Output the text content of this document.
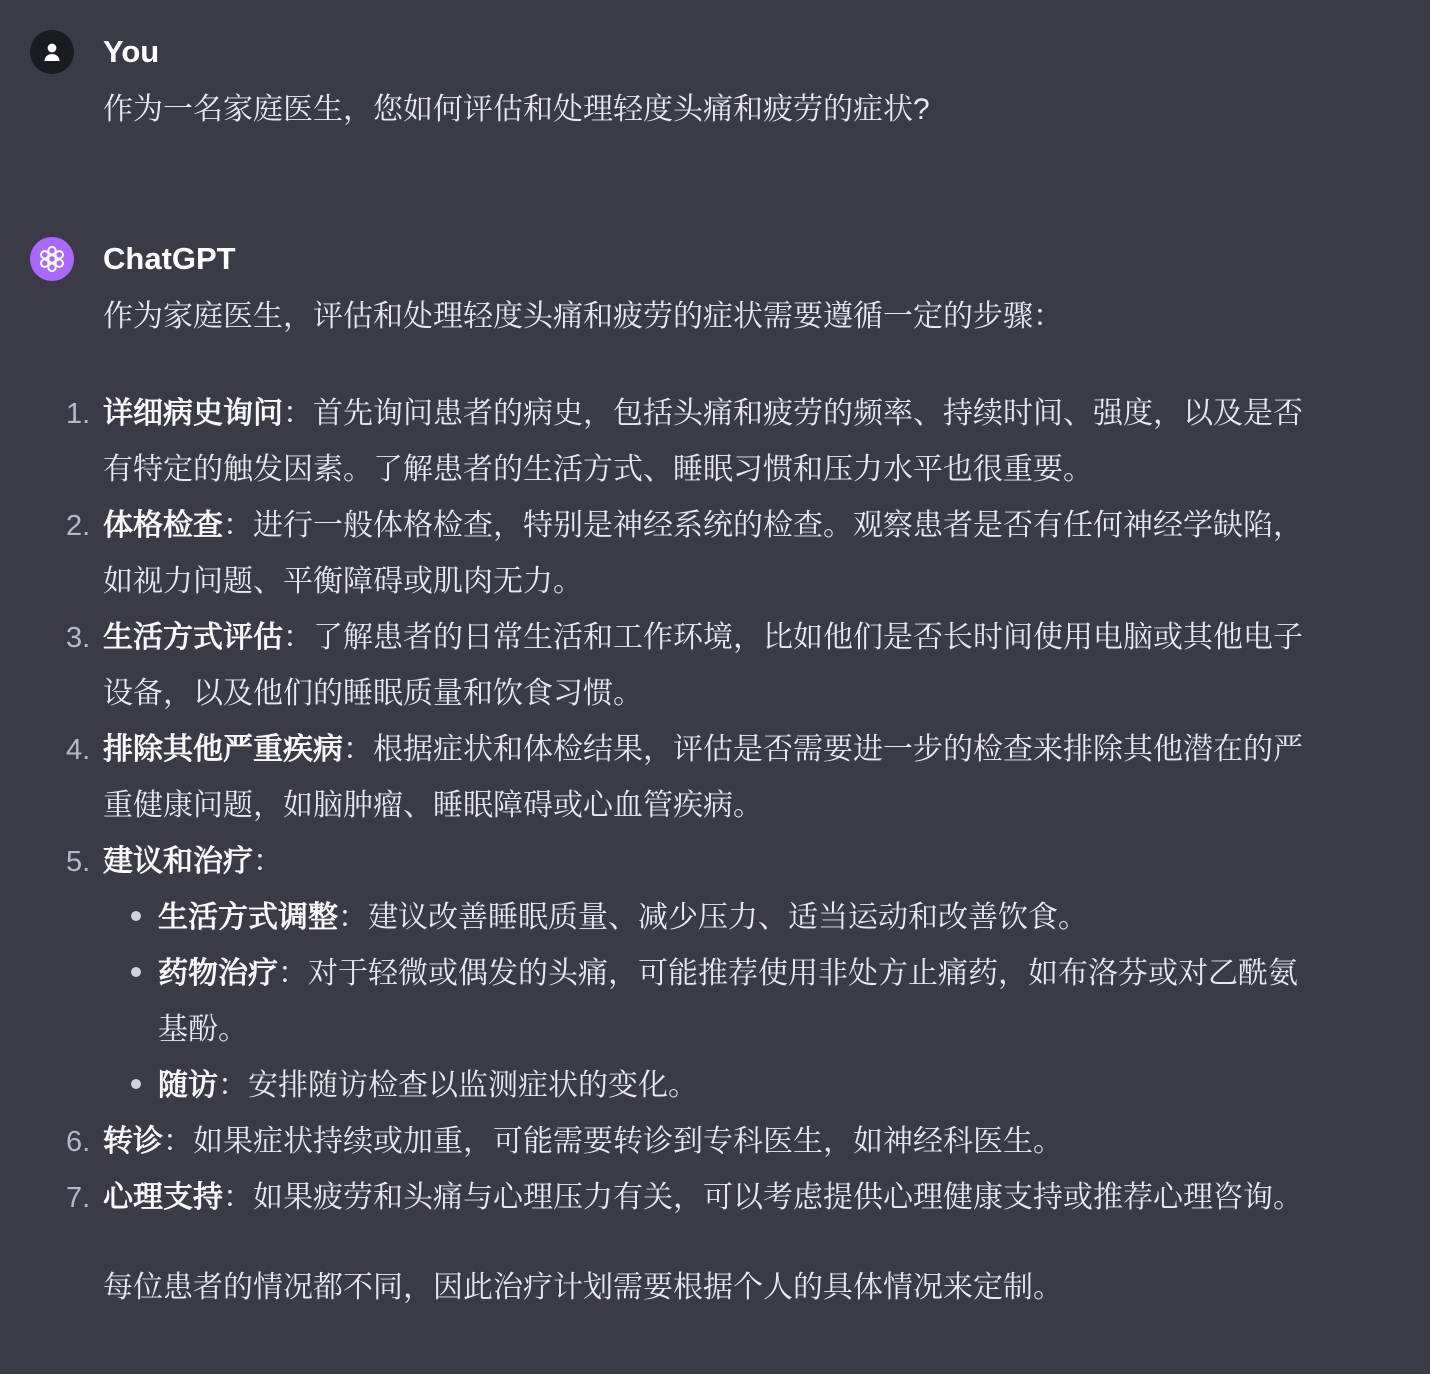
You
作为一名家庭医生，您如何评估和处理轻度头痛和疲劳的症状?
ChatGPT
作为家庭医生，评估和处理轻度头痛和疲劳的症状需要遵循一定的步骤：
1. 详细病史询问：首先询问患者的病史，包括头痛和疲劳的频率、持续时间、强度，以及是否有特定的触发因素。了解患者的生活方式、睡眠习惯和压力水平也很重要。
2. 体格检查：进行一般体格检查，特别是神经系统的检查。观察患者是否有任何神经学缺陷，如视力问题、平衡障碍或肌肉无力。
3. 生活方式评估：了解患者的日常生活和工作环境，比如他们是否长时间使用电脑或其他电子设备，以及他们的睡眠质量和饮食习惯。
4. 排除其他严重疾病：根据症状和体检结果，评估是否需要进一步的检查来排除其他潜在的严重健康问题，如脑肿瘤、睡眠障碍或心血管疾病。
5. 建议和治疗：
生活方式调整：建议改善睡眠质量、减少压力、适当运动和改善饮食。
药物治疗：对于轻微或偶发的头痛，可能推荐使用非处方止痛药，如布洛芬或对乙酰氨基酚。
随访：安排随访检查以监测症状的变化。
6. 转诊：如果症状持续或加重，可能需要转诊到专科医生，如神经科医生。
7. 心理支持：如果疲劳和头痛与心理压力有关，可以考虑提供心理健康支持或推荐心理咨询。
每位患者的情况都不同，因此治疗计划需要根据个人的具体情况来定制。
